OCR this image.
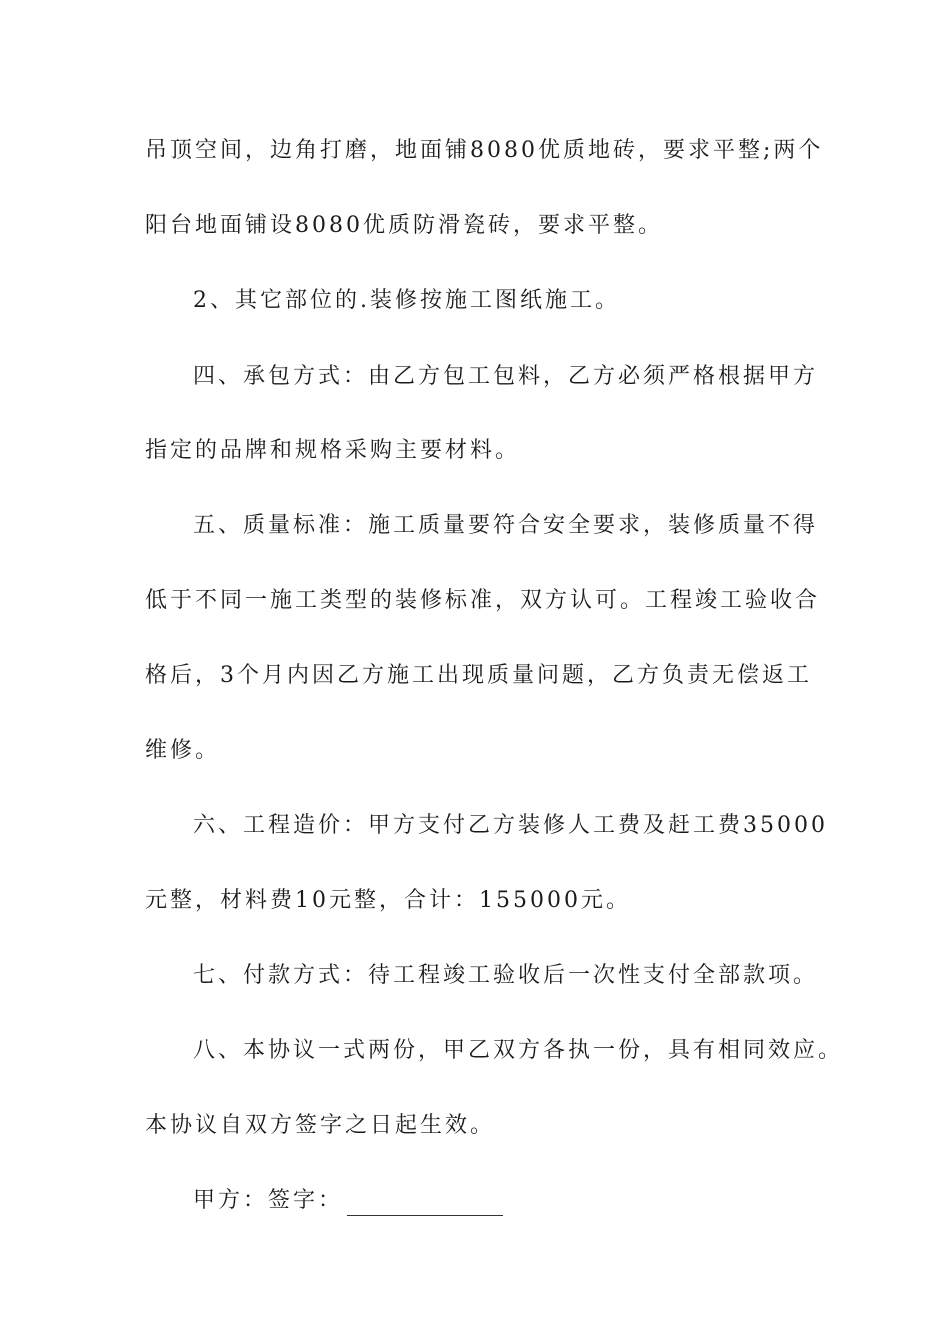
吊顶空间，边角打磨，地面铺8080优质地砖，要求平整;两个
阳台地面铺设8080优质防滑瓷砖，要求平整。
2、其它部位的.装修按施工图纸施工。
四、承包方式：由乙方包工包料，乙方必须严格根据甲方
指定的品牌和规格采购主要材料。
五、质量标准：施工质量要符合安全要求，装修质量不得
低于不同一施工类型的装修标准，双方认可。工程竣工验收合
格后，3个月内因乙方施工出现质量问题，乙方负责无偿返工
维修。
六、工程造价：甲方支付乙方装修人工费及赶工费35000
元整，材料费10元整，合计：155000元。
七、付款方式：待工程竣工验收后一次性支付全部款项。
八、本协议一式两份，甲乙双方各执一份，具有相同效应。
本协议自双方签字之日起生效。
甲方：签字：
